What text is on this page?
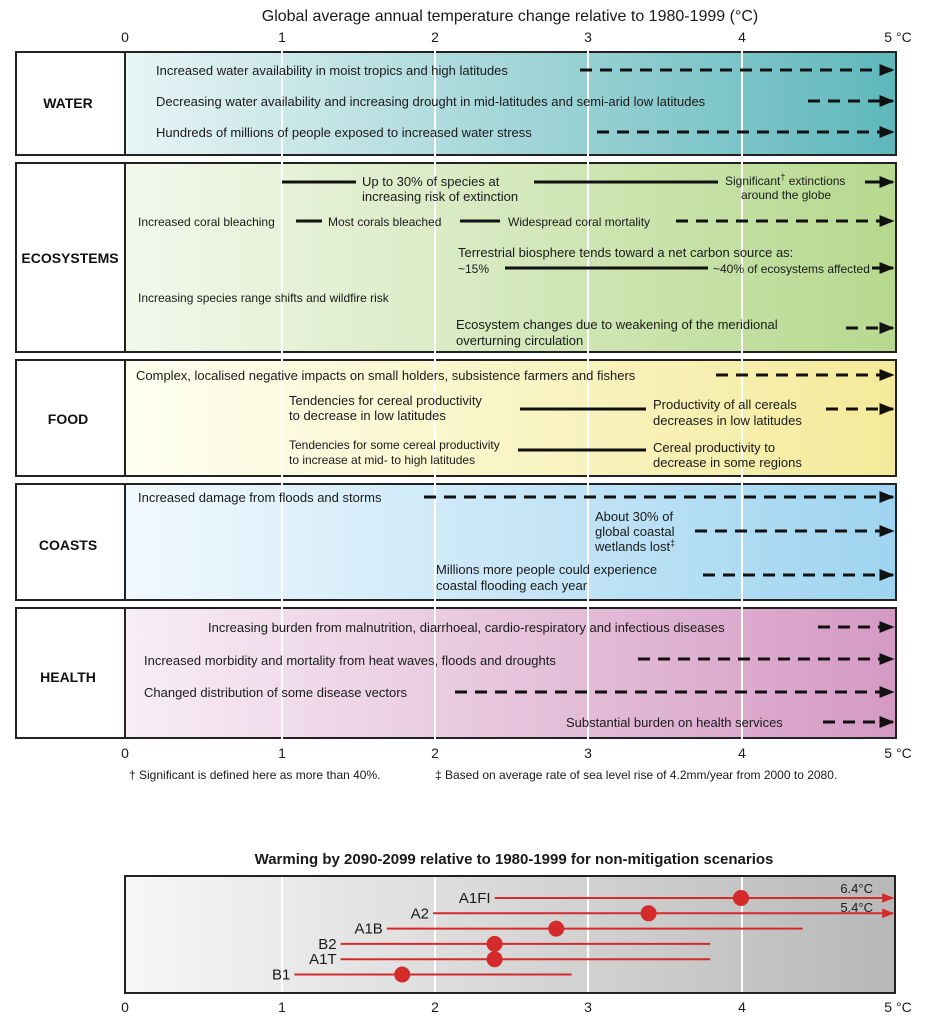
Global average annual temperature change relative to 1980-1999 (°C)
0	1	2	3	4	5 °C
WATER
ECOSYSTEMS
FOOD
COASTS
HEALTH
Increased water availability in moist tropics and high latitudes
Decreasing water availability and increasing drought in mid-latitudes and semi-arid low latitudes
Hundreds of millions of people exposed to increased water stress
Up to 30% of species at
increasing risk of extinction
Significant† extinctions
around the globe
Increased coral bleaching	Most corals bleached	Widespread coral mortality
Terrestrial biosphere tends toward a net carbon source as:
~15%	~40% of ecosystems affected
Increasing species range shifts and wildfire risk
Ecosystem changes due to weakening of the meridional
overturning circulation
Complex, localised negative impacts on small holders, subsistence farmers and fishers
Tendencies for cereal productivity
to decrease in low latitudes
Productivity of all cereals
decreases in low latitudes
Tendencies for some cereal productivity
to increase at mid- to high latitudes
Cereal productivity to
decrease in some regions
Increased damage from floods and storms
About 30% of
global coastal
wetlands lost‡
Millions more people could experience
coastal flooding each year
Increasing burden from malnutrition, diarrhoeal, cardio-respiratory and infectious diseases
Increased morbidity and mortality from heat waves, floods and droughts
Changed distribution of some disease vectors
Substantial burden on health services
0	1	2	3	4	5 °C
† Significant is defined here as more than 40%.	‡ Based on average rate of sea level rise of 4.2mm/year from 2000 to 2080.
Warming by 2090-2099 relative to 1980-1999 for non-mitigation scenarios
A1FI
A2
A1B
B2
A1T
B1
6.4°C
5.4°C
0	1	2	3	4	5 °C
